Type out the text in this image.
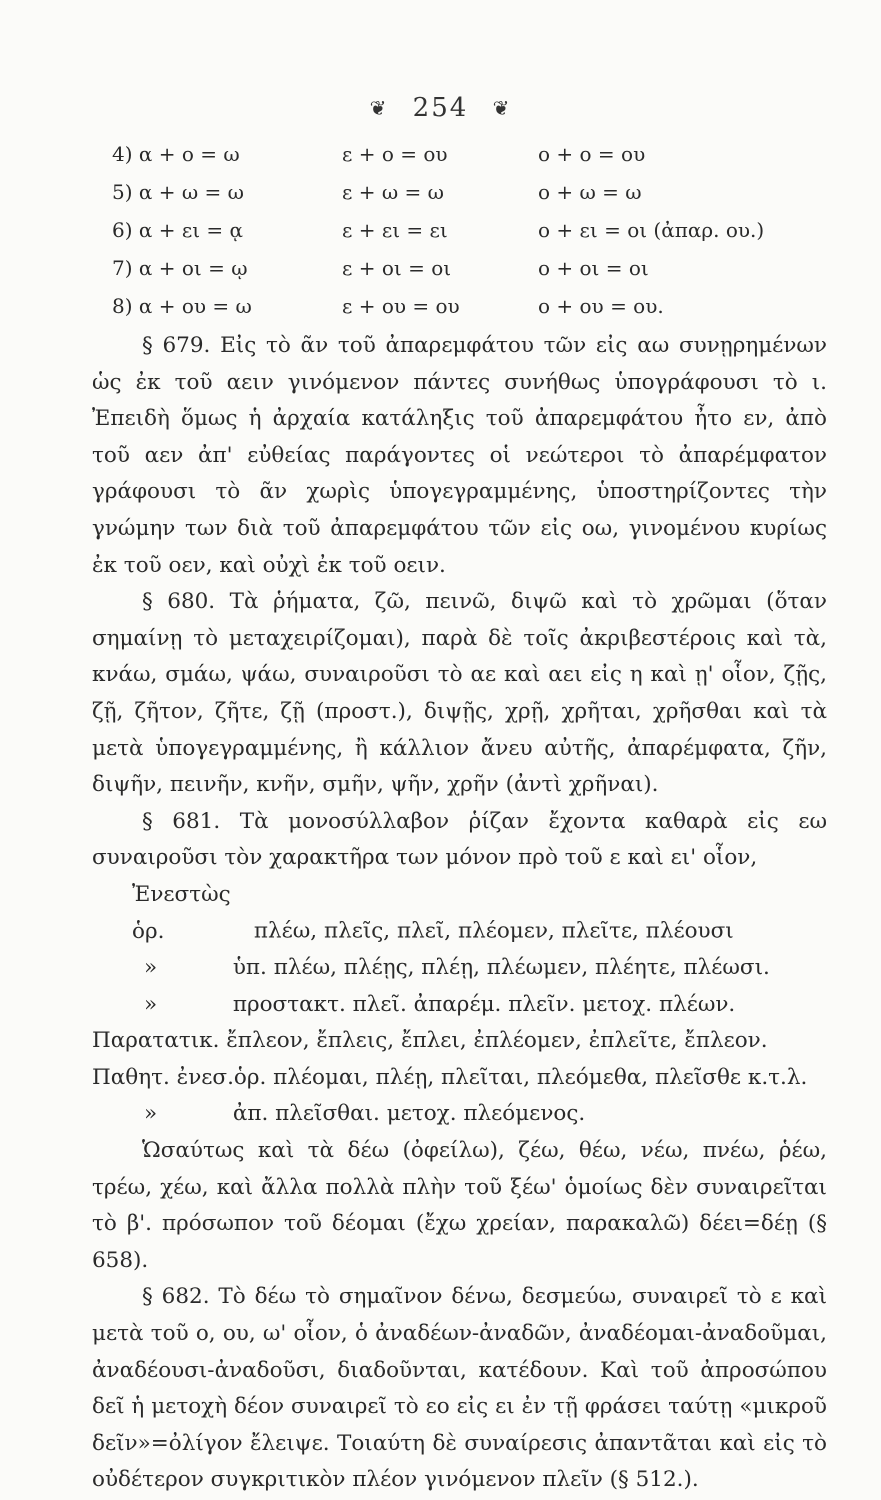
❦ 254 ❦
4) α + ο = ω	ε + ο = ου	ο + ο = ου
5) α + ω = ω	ε + ω = ω	ο + ω = ω
6) α + ει = ᾳ	ε + ει = ει	ο + ει = οι (ἀπαρ. ου.)
7) α + οι = ῳ	ε + οι = οι	ο + οι = οι
8) α + ου = ω	ε + ου = ου	ο + ου = ου.

§ 679. Εἰς τὸ ᾶν τοῦ ἀπαρεμφάτου τῶν εἰς αω συνῃρημένων ὡς ἐκ τοῦ αειν γινόμενον πάντες συνήθως ὑπογράφουσι τὸ ι. Ἐπειδὴ ὅμως ἡ ἀρχαία κατάληξις τοῦ ἀπαρεμφάτου ἦτο εν, ἀπὸ τοῦ αεν ἀπ' εὐθείας παράγοντες οἱ νεώτεροι τὸ ἀπαρέμφατον γράφουσι τὸ ᾶν χωρὶς ὑπογεγραμμένης, ὑποστηρίζοντες τὴν γνώμην των διὰ τοῦ ἀπαρεμφάτου τῶν εἰς οω, γινομένου κυρίως ἐκ τοῦ οεν, καὶ οὐχὶ ἐκ τοῦ οειν.

§ 680. Τὰ ῥήματα, ζῶ, πεινῶ, διψῶ καὶ τὸ χρῶμαι (ὅταν σημαίνῃ τὸ μεταχειρίζομαι), παρὰ δὲ τοῖς ἀκριβεστέροις καὶ τὰ, κνάω, σμάω, ψάω, συναιροῦσι τὸ αε καὶ αει εἰς η καὶ ῃ' οἷον, ζῇς, ζῇ, ζῆτον, ζῆτε, ζῇ (προστ.), διψῇς, χρῇ, χρῆται, χρῆσθαι καὶ τὰ μετὰ ὑπογεγραμμένης, ἢ κάλλιον ἄνευ αὐτῆς, ἀπαρέμφατα, ζῆν, διψῆν, πεινῆν, κνῆν, σμῆν, ψῆν, χρῆν (ἀντὶ χρῆναι).

§ 681. Τὰ μονοσύλλαβον ῥίζαν ἔχοντα καθαρὰ εἰς εω συναιροῦσι τὸν χαρακτῆρα των μόνον πρὸ τοῦ ε καὶ ει' οἷον,

Ἐνεστὼς ὁρ.	πλέω, πλεῖς, πλεῖ, πλέομεν, πλεῖτε, πλέουσι
»	ὑπ. πλέω, πλέῃς, πλέῃ, πλέωμεν, πλέητε, πλέωσι.
»	προστακτ. πλεῖ. ἀπαρέμ. πλεῖν. μετοχ. πλέων.
Παρατατικ. ἔπλεον, ἔπλεις, ἔπλει, ἐπλέομεν, ἐπλεῖτε, ἔπλεον.
Παθητ. ἐνεσ.ὁρ. πλέομαι, πλέῃ, πλεῖται, πλεόμεθα, πλεῖσθε κ.τ.λ.
»	ἀπ. πλεῖσθαι. μετοχ. πλεόμενος.

Ὡσαύτως καὶ τὰ δέω (ὀφείλω), ζέω, θέω, νέω, πνέω, ῥέω, τρέω, χέω, καὶ ἄλλα πολλὰ πλὴν τοῦ ξέω' ὁμοίως δὲν συναιρεῖται τὸ β'. πρόσωπον τοῦ δέομαι (ἔχω χρείαν, παρακαλῶ) δέει=δέῃ (§ 658).

§ 682. Τὸ δέω τὸ σημαῖνον δένω, δεσμεύω, συναιρεῖ τὸ ε καὶ μετὰ τοῦ ο, ου, ω' οἷον, ὁ ἀναδέων-ἀναδῶν, ἀναδέομαι-ἀναδοῦμαι, ἀναδέουσι-ἀναδοῦσι, διαδοῦνται, κατέδουν. Καὶ τοῦ ἀπροσώπου δεῖ ἡ μετοχὴ δέον συναιρεῖ τὸ εο εἰς ει ἐν τῇ φράσει ταύτῃ «μικροῦ δεῖν»=ὀλίγον ἔλειψε. Τοιαύτη δὲ συναίρεσις ἀπαντᾶται καὶ εἰς τὸ οὐδέτερον συγκριτικὸν πλέον γινόμενον πλεῖν (§ 512.).
